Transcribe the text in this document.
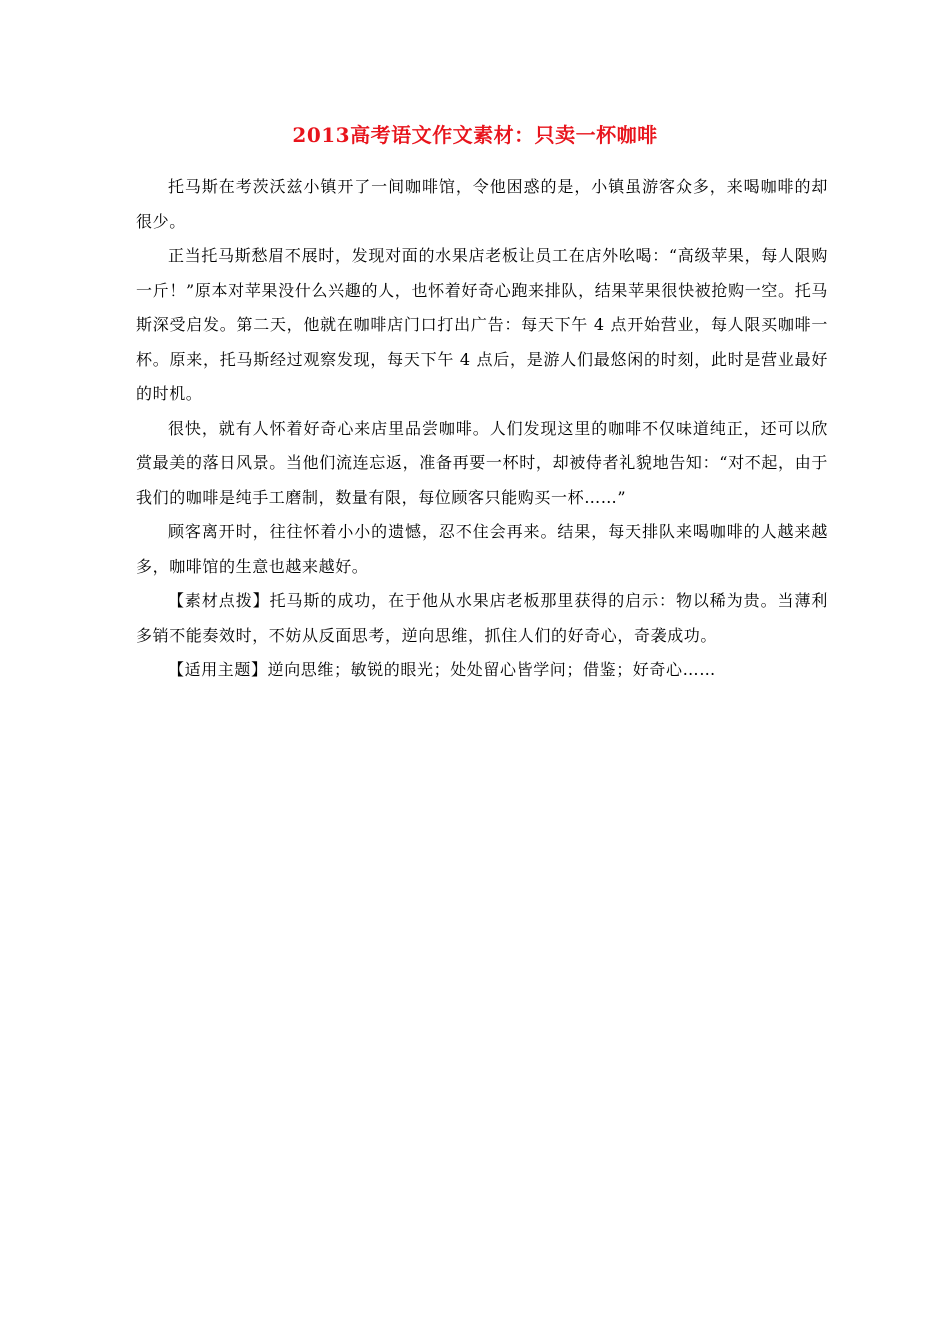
2013高考语文作文素材：只卖一杯咖啡

托马斯在考茨沃兹小镇开了一间咖啡馆，令他困惑的是，小镇虽游客众多，来喝咖啡的却很少。

正当托马斯愁眉不展时，发现对面的水果店老板让员工在店外吆喝：“高级苹果，每人限购一斤！”原本对苹果没什么兴趣的人，也怀着好奇心跑来排队，结果苹果很快被抢购一空。托马斯深受启发。第二天，他就在咖啡店门口打出广告：每天下午 4 点开始营业，每人限买咖啡一杯。原来，托马斯经过观察发现，每天下午 4 点后，是游人们最悠闲的时刻，此时是营业最好的时机。

很快，就有人怀着好奇心来店里品尝咖啡。人们发现这里的咖啡不仅味道纯正，还可以欣赏最美的落日风景。当他们流连忘返，准备再要一杯时，却被侍者礼貌地告知：“对不起，由于我们的咖啡是纯手工磨制，数量有限，每位顾客只能购买一杯……”

顾客离开时，往往怀着小小的遗憾，忍不住会再来。结果，每天排队来喝咖啡的人越来越多，咖啡馆的生意也越来越好。

【素材点拨】托马斯的成功，在于他从水果店老板那里获得的启示：物以稀为贵。当薄利多销不能奏效时，不妨从反面思考，逆向思维，抓住人们的好奇心，奇袭成功。

【适用主题】逆向思维；敏锐的眼光；处处留心皆学问；借鉴；好奇心……
